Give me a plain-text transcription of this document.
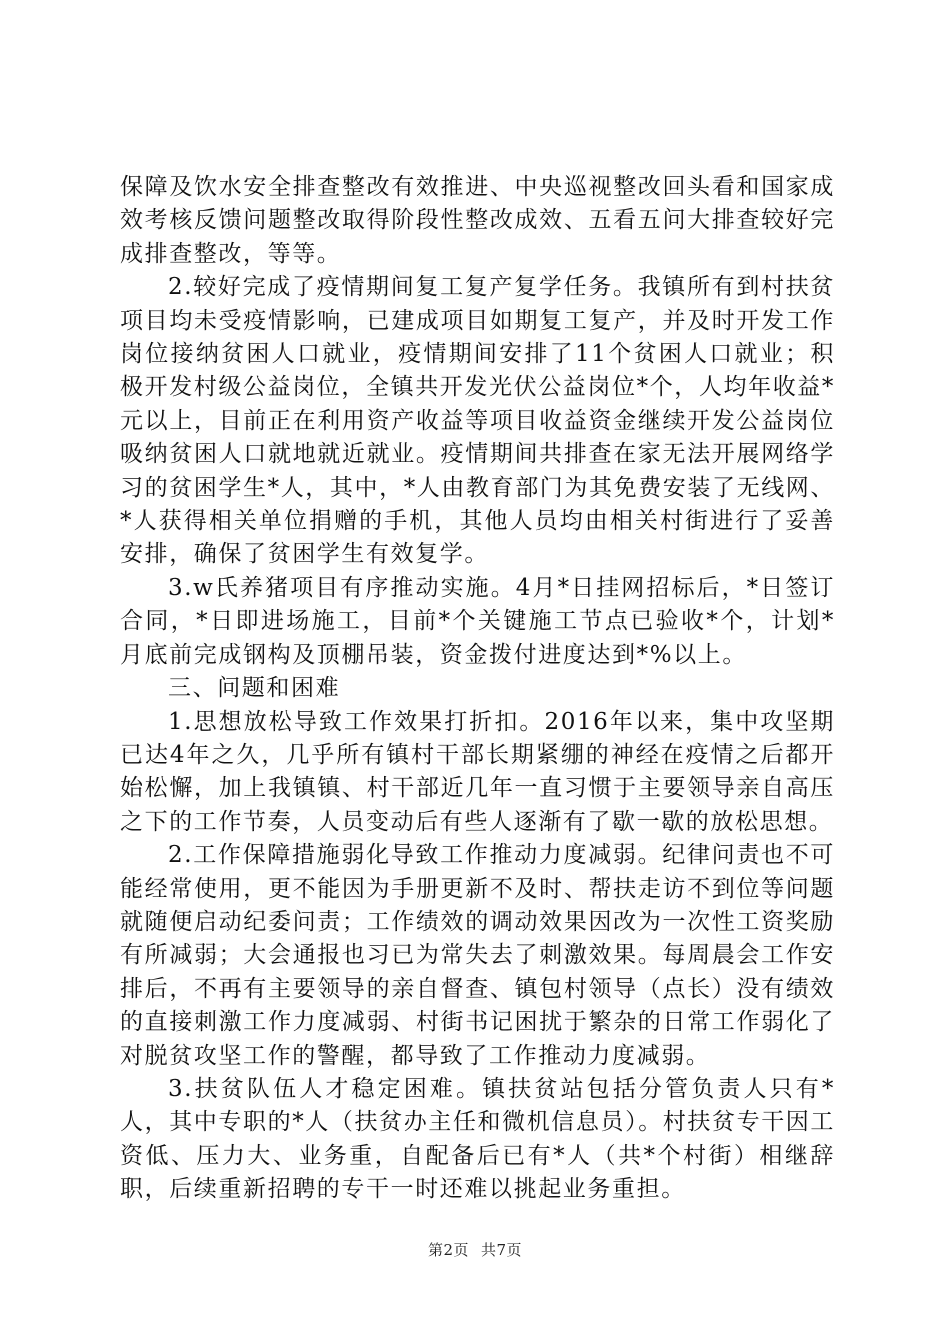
保障及饮水安全排查整改有效推进、中央巡视整改回头看和国家成效考核反馈问题整改取得阶段性整改成效、五看五问大排查较好完成排查整改，等等。

2.较好完成了疫情期间复工复产复学任务。我镇所有到村扶贫项目均未受疫情影响，已建成项目如期复工复产，并及时开发工作岗位接纳贫困人口就业，疫情期间安排了11个贫困人口就业；积极开发村级公益岗位，全镇共开发光伏公益岗位*个，人均年收益*元以上，目前正在利用资产收益等项目收益资金继续开发公益岗位吸纳贫困人口就地就近就业。疫情期间共排查在家无法开展网络学习的贫困学生*人，其中，*人由教育部门为其免费安装了无线网、*人获得相关单位捐赠的手机，其他人员均由相关村街进行了妥善安排，确保了贫困学生有效复学。

3.w氏养猪项目有序推动实施。4月*日挂网招标后，*日签订合同，*日即进场施工，目前*个关键施工节点已验收*个，计划*月底前完成钢构及顶棚吊装，资金拨付进度达到*%以上。

三、问题和困难

1.思想放松导致工作效果打折扣。2016年以来，集中攻坚期已达4年之久，几乎所有镇村干部长期紧绷的神经在疫情之后都开始松懈，加上我镇镇、村干部近几年一直习惯于主要领导亲自高压之下的工作节奏，人员变动后有些人逐渐有了歇一歇的放松思想。

2.工作保障措施弱化导致工作推动力度减弱。纪律问责也不可能经常使用，更不能因为手册更新不及时、帮扶走访不到位等问题就随便启动纪委问责；工作绩效的调动效果因改为一次性工资奖励有所减弱；大会通报也习已为常失去了刺激效果。每周晨会工作安排后，不再有主要领导的亲自督查、镇包村领导（点长）没有绩效的直接刺激工作力度减弱、村街书记困扰于繁杂的日常工作弱化了对脱贫攻坚工作的警醒，都导致了工作推动力度减弱。

3.扶贫队伍人才稳定困难。镇扶贫站包括分管负责人只有*人，其中专职的*人（扶贫办主任和微机信息员）。村扶贫专干因工资低、压力大、业务重，自配备后已有*人（共*个村街）相继辞职，后续重新招聘的专干一时还难以挑起业务重担。

第2页 共7页
